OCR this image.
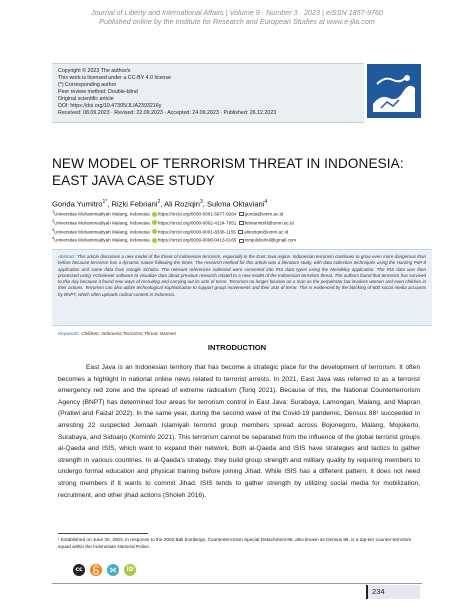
Journal of Liberty and International Affairs | Volume 9 · Number 3 · 2023 | eISSN 1857-9760
Published online by the Institute for Research and European Studies at www.e-jlia.com
Copyright © 2023 The author/s
This work is licensed under a CC-BY 4.0 license
(*) Corresponding author
Peer review method: Double-blind
Original scientific article
DOI: https://doi.org/10.47305/JLIA2393216y
Received: 08.09.2023 · Revised: 22.09.2023 · Accepted: 24.09.2023 · Published: 26.12.2023
NEW MODEL OF TERRORISM THREAT IN INDONESIA: EAST JAVA CASE STUDY
Gonda Yumitro$^{1*}$, Rizki Febriani$^2$, Ali Roziqin$^3$, Sukma Oktaviani$^4$
$^1$Universitas Muhammadiyah Malang, Indonesia https://orcid.org/0000-0001-5977-9264 gonda@umm.ac.id
$^2$Universitas Muhammadiyah Malang, Indonesia https://orcid.org/0000-0002-4124-7651 febrianirizki@umm.ac.id
$^3$Universitas Muhammadiyah Malang, Indonesia https://orcid.org/0000-0001-8336-1155 aliroziqin@umm.ac.id
$^4$Universitas Muhammadiyah Malang, Indonesia https://orcid.org/0009-0008-0413-6165 mrsjulubuhul@gmail.com

Abstract: This article discusses a new model of the threat of Indonesian terrorism, especially in the East Java region. Indonesian terrorism continues to grow even more dangerous than before because terrorism has a dynamic nature following the times. The research method for this article was a literature study, with data collection techniques using the Harzing PoP 8 application and some data from Google Scholar. The relevant references collected were converted into RIS data types using the Mendeley application. The RIS data was then processed using VOSviewer software to visualize data about previous research related to a new model of the Indonesian terrorism threat. The authors found that terrorism has survived to this day because it found new ways of recruiting and carrying out its acts of terror. Terrorism no longer focuses on a man as the perpetrator but involves women and even children in their actions. Terrorism can also utilize technological sophistication to support group movements and their acts of terror. This is evidenced by the blocking of 600 social media accounts by BNPT, which often uploads radical content in Indonesia.

Keywords: Children; Indonesia;Terrorism;Threat; Women
INTRODUCTION

East Java is an Indonesian territory that has become a strategic place for the development of terrorism. It often becomes a highlight in national online news related to terrorist arrests. In 2021, East Java was referred to as a terrorist emergency red zone and the spread of extreme radicalism (Toriq 2021). Because of this, the National Counterterrorism Agency (BNPT) has determined four areas for terrorism control in East Java: Surabaya, Lamongan, Malang, and Mapran (Pratiwi and Faizal 2022). In the same year, during the second wave of the Covid-19 pandemic, Densus 88¹ succeeded in arresting 22 suspected Jemaah Islamiyah terrorist group members spread across Bojonegoro, Malang, Mojokerto, Surabaya, and Sidoarjo (Kominfo 2021). This terrorism cannot be separated from the influence of the global terrorist groups al-Qaeda and ISIS, which want to expand their network. Both al-Qaeda and ISIS have strategies and tactics to gather strength in various countries. In al-Qaeda's strategy, they build group strength and military quality by requiring members to undergo formal education and physical training before joining Jihad. While ISIS has a different pattern, it does not need strong members if it wants to commit Jihad. ISIS tends to gather strength by utilizing social media for mobilization, recruitment, and other jihad actions (Sholeh 2016).

¹ Established on June 30, 2003, in response to the 2002 Bali bombings, Counterterrorism Special Detachment 88, also known as Densus 88, is a top-tier counter-terrorism squad within the Indonesian National Police.

cc	iD
234
